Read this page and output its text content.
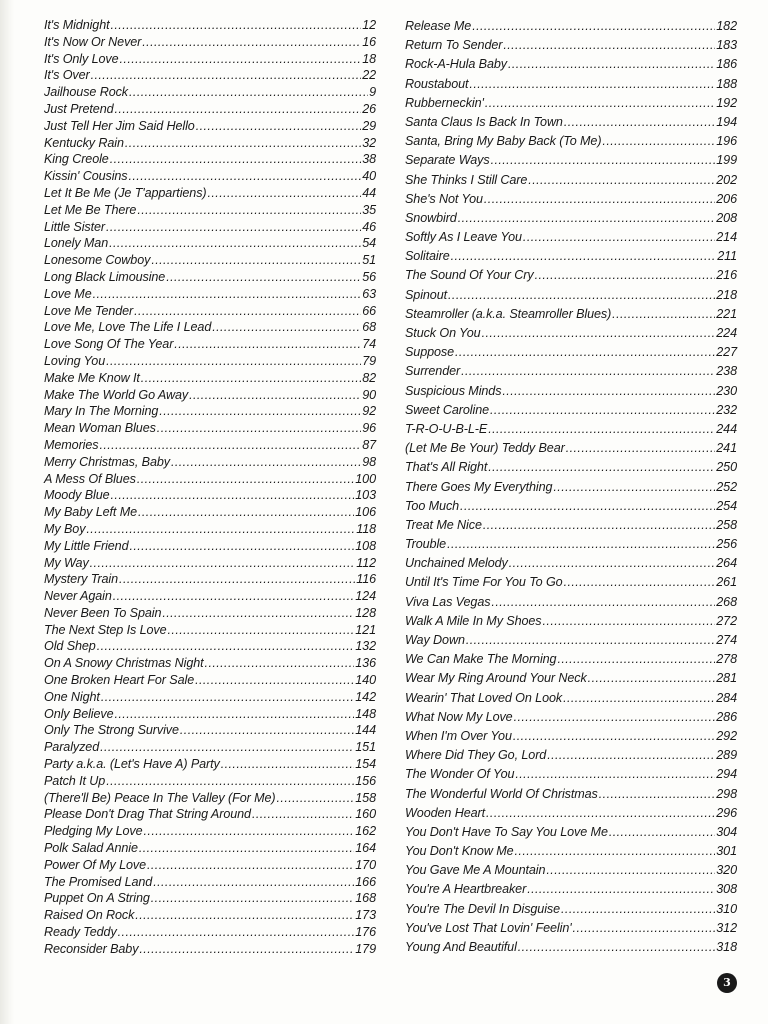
It's Midnight .....	12
It's Now Or Never .....	16
It's Only Love .....	18
It's Over .....	22
Jailhouse Rock .....	9
Just Pretend .....	26
Just Tell Her Jim Said Hello .....	29
Kentucky Rain .....	32
King Creole .....	38
Kissin' Cousins .....	40
Let It Be Me (Je T'appartiens) .....	44
Let Me Be There .....	35
Little Sister .....	46
Lonely Man .....	54
Lonesome Cowboy .....	51
Long Black Limousine .....	56
Love Me .....	63
Love Me Tender .....	66
Love Me, Love The Life I Lead .....	68
Love Song Of The Year .....	74
Loving You .....	79
Make Me Know It .....	82
Make The World Go Away .....	90
Mary In The Morning .....	92
Mean Woman Blues .....	96
Memories .....	87
Merry Christmas, Baby .....	98
A Mess Of Blues .....	100
Moody Blue .....	103
My Baby Left Me .....	106
My Boy .....	118
My Little Friend .....	108
My Way .....	112
Mystery Train .....	116
Never Again .....	124
Never Been To Spain .....	128
The Next Step Is Love .....	121
Old Shep .....	132
On A Snowy Christmas Night .....	136
One Broken Heart For Sale .....	140
One Night .....	142
Only Believe .....	148
Only The Strong Survive .....	144
Paralyzed .....	151
Party a.k.a. (Let's Have A) Party .....	154
Patch It Up .....	156
(There'll Be) Peace In The Valley (For Me) .....	158
Please Don't Drag That String Around .....	160
Pledging My Love .....	162
Polk Salad Annie .....	164
Power Of My Love .....	170
The Promised Land .....	166
Puppet On A String .....	168
Raised On Rock .....	173
Ready Teddy .....	176
Reconsider Baby .....	179
Release Me .....	182
Return To Sender .....	183
Rock-A-Hula Baby .....	186
Roustabout .....	188
Rubberneckin' .....	192
Santa Claus Is Back In Town .....	194
Santa, Bring My Baby Back (To Me) .....	196
Separate Ways .....	199
She Thinks I Still Care .....	202
She's Not You .....	206
Snowbird .....	208
Softly As I Leave You .....	214
Solitaire .....	211
The Sound Of Your Cry .....	216
Spinout .....	218
Steamroller (a.k.a. Steamroller Blues) .....	221
Stuck On You .....	224
Suppose .....	227
Surrender .....	238
Suspicious Minds .....	230
Sweet Caroline .....	232
T-R-O-U-B-L-E .....	244
(Let Me Be Your) Teddy Bear .....	241
That's All Right .....	250
There Goes My Everything .....	252
Too Much .....	254
Treat Me Nice .....	258
Trouble .....	256
Unchained Melody .....	264
Until It's Time For You To Go .....	261
Viva Las Vegas .....	268
Walk A Mile In My Shoes .....	272
Way Down .....	274
We Can Make The Morning .....	278
Wear My Ring Around Your Neck .....	281
Wearin' That Loved On Look .....	284
What Now My Love .....	286
When I'm Over You .....	292
Where Did They Go, Lord .....	289
The Wonder Of You .....	294
The Wonderful World Of Christmas .....	298
Wooden Heart .....	296
You Don't Have To Say You Love Me .....	304
You Don't Know Me .....	301
You Gave Me A Mountain .....	320
You're A Heartbreaker .....	308
You're The Devil In Disguise .....	310
You've Lost That Lovin' Feelin' .....	312
Young And Beautiful .....	318
3
